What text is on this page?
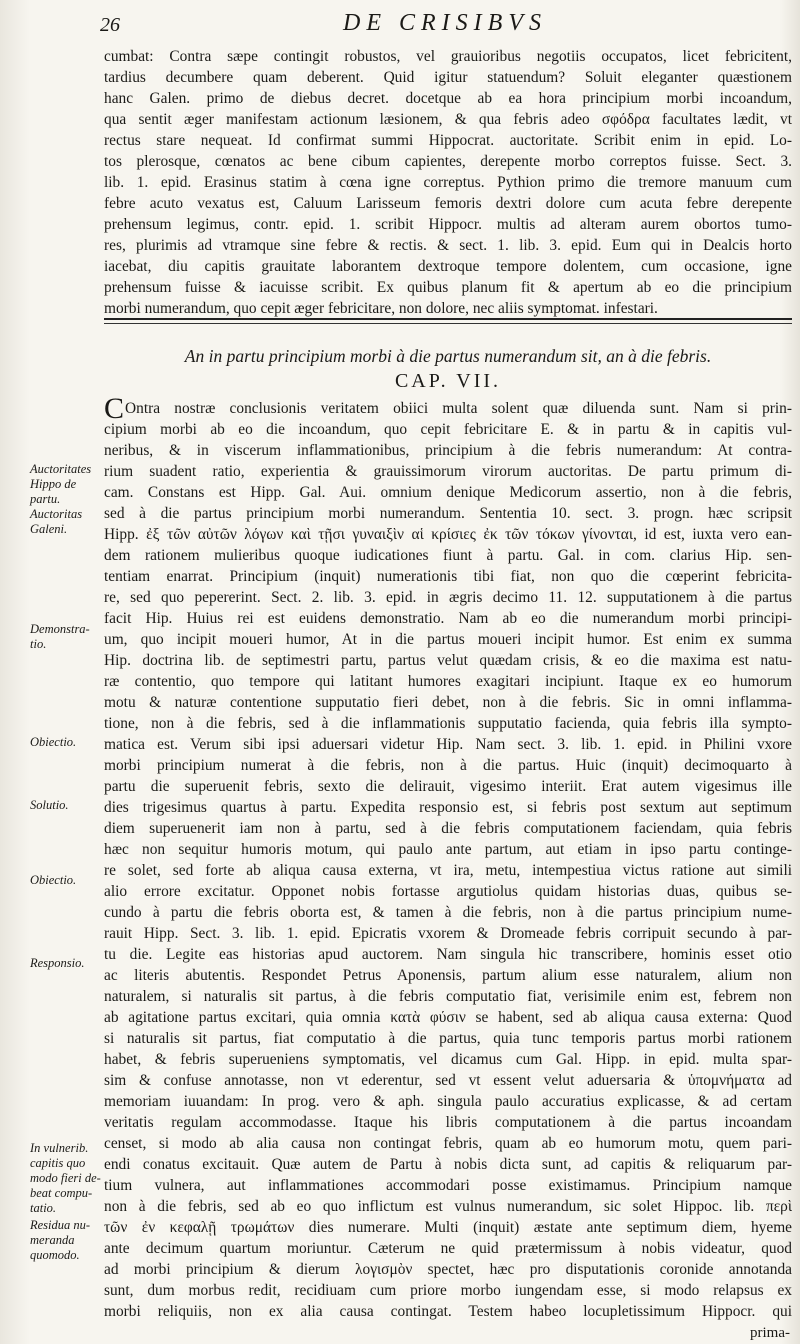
26	DE CRISIBVS
cumbat: Contra sæpe contingit robustos, vel grauioribus negotiis occupatos, licet febricitent,
tardius decumbere quam deberent. Quid igitur statuendum? Soluit eleganter quæstionem
hanc Galen. primo de diebus decret. docetque ab ea hora principium morbi incoandum,
qua sentit æger manifestam actionum læsionem, & qua febris adeo σφόδρα facultates lædit, vt
rectus stare nequeat. Id confirmat summi Hippocrat. auctoritate. Scribit enim in epid. Lo-
tos plerosque, cœnatos ac bene cibum capientes, derepente morbo correptos fuisse. Sect. 3.
lib. 1. epid. Erasinus statim à cœna igne correptus. Pythion primo die tremore manuum cum
febre acuto vexatus est, Caluum Larisseum femoris dextri dolore cum acuta febre derepente
prehensum legimus, contr. epid. 1. scribit Hippocr. multis ad alteram aurem obortos tumo-
res, plurimis ad vtramque sine febre & rectis. & sect. 1. lib. 3. epid. Eum qui in Dealcis horto
iacebat, diu capitis grauitate laborantem dextroque tempore dolentem, cum occasione, igne
prehensum fuisse & iacuisse scribit. Ex quibus planum fit & apertum ab eo die principium
morbi numerandum, quo cepit æger febricitare, non dolore, nec aliis symptomat. infestari.
An in partu principium morbi à die partus numerandum sit, an à die febris.
CAP. VII.
COntra nostræ conclusionis veritatem obiici multa solent quæ diluenda sunt. Nam si prin-
cipium morbi ab eo die incoandum, quo cepit febricitare E. & in partu & in capitis vul-
neribus, & in viscerum inflammationibus, principium à die febris numerandum: At contra-
rium suadent ratio, experientia & grauissimorum virorum auctoritas. De partu primum di-
cam. Constans est Hipp. Gal. Aui. omnium denique Medicorum assertio, non à die febris,
sed à die partus principium morbi numerandum. Sententia 10. sect. 3. progn. hæc scripsit
Hipp. ἐξ τῶν αὐτῶν λόγων καὶ τῇσι γυναιξὶν αἱ κρίσιες ἐκ τῶν τόκων γίνονται, id est, iuxta vero ean-
dem rationem mulieribus quoque iudicationes fiunt à partu. Gal. in com. clarius Hip. sen-
tentiam enarrat. Principium (inquit) numerationis tibi fiat, non quo die cœperint febricita-
re, sed quo pepererint. Sect. 2. lib. 3. epid. in ægris decimo 11. 12. supputationem à die partus
facit Hip. Huius rei est euidens demonstratio. Nam ab eo die numerandum morbi principi-
um, quo incipit moueri humor, At in die partus moueri incipit humor. Est enim ex summa
Hip. doctrina lib. de septimestri partu, partus velut quædam crisis, & eo die maxima est natu-
ræ contentio, quo tempore qui latitant humores exagitari incipiunt. Itaque ex eo humorum
motu & naturæ contentione supputatio fieri debet, non à die febris. Sic in omni inflamma-
tione, non à die febris, sed à die inflammationis supputatio facienda, quia febris illa sympto-
matica est. Verum sibi ipsi aduersari videtur Hip. Nam sect. 3. lib. 1. epid. in Philini vxore
morbi principium numerat à die febris, non à die partus. Huic (inquit) decimoquarto à
partu die superuenit febris, sexto die delirauit, vigesimo interiit. Erat autem vigesimus ille
dies trigesimus quartus à partu. Expedita responsio est, si febris post sextum aut septimum
diem superuenerit iam non à partu, sed à die febris computationem faciendam, quia febris
hæc non sequitur humoris motum, qui paulo ante partum, aut etiam in ipso partu continge-
re solet, sed forte ab aliqua causa externa, vt ira, metu, intempestiua victus ratione aut simili
alio errore excitatur. Opponet nobis fortasse argutiolus quidam historias duas, quibus se-
cundo à partu die febris oborta est, & tamen à die febris, non à die partus principium nume-
rauit Hipp. Sect. 3. lib. 1. epid. Epicratis vxorem & Dromeade febris corripuit secundo à par-
tu die. Legite eas historias apud auctorem. Nam singula hic transcribere, hominis esset otio
ac literis abutentis. Respondet Petrus Aponensis, partum alium esse naturalem, alium non
naturalem, si naturalis sit partus, à die febris computatio fiat, verisimile enim est, febrem non
ab agitatione partus excitari, quia omnia κατὰ φύσιν se habent, sed ab aliqua causa externa: Quod
si naturalis sit partus, fiat computatio à die partus, quia tunc temporis partus morbi rationem
habet, & febris superueniens symptomatis, vel dicamus cum Gal. Hipp. in epid. multa spar-
sim & confuse annotasse, non vt ederentur, sed vt essent velut aduersaria & ὑπομνήματα ad
memoriam iuuandam: In prog. vero & aph. singula paulo accuratius explicasse, & ad certam
veritatis regulam accommodasse. Itaque his libris computationem à die partus incoandam
censet, si modo ab alia causa non contingat febris, quam ab eo humorum motu, quem pari-
endi conatus excitauit. Quæ autem de Partu à nobis dicta sunt, ad capitis & reliquarum par-
tium vulnera, aut inflammationes accommodari posse existimamus. Principium namque
non à die febris, sed ab eo quo inflictum est vulnus numerandum, sic solet Hippoc. lib. περὶ
τῶν ἐν κεφαλῇ τρωμάτων dies numerare. Multi (inquit) æstate ante septimum diem, hyeme
ante decimum quartum moriuntur. Cæterum ne quid prætermissum à nobis videatur, quod
ad morbi principium & dierum λογισμὸν spectet, hæc pro disputationis coronide annotanda
sunt, dum morbus redit, recidiuam cum priore morbo iungendam esse, si modo relapsus ex
morbi reliquiis, non ex alia causa contingat. Testem habeo locupletissimum Hippocr. qui
Auctoritates
Hippo de
partu.
Auctoritas
Galeni.
Demonstra-
tio.
Obiectio.
Solutio.
Obiectio.
Responsio.
In vulnerib.
capitis quo
modo fieri de-
beat compu-
tatio.
Residua nu-
meranda
quomodo.
prima-
